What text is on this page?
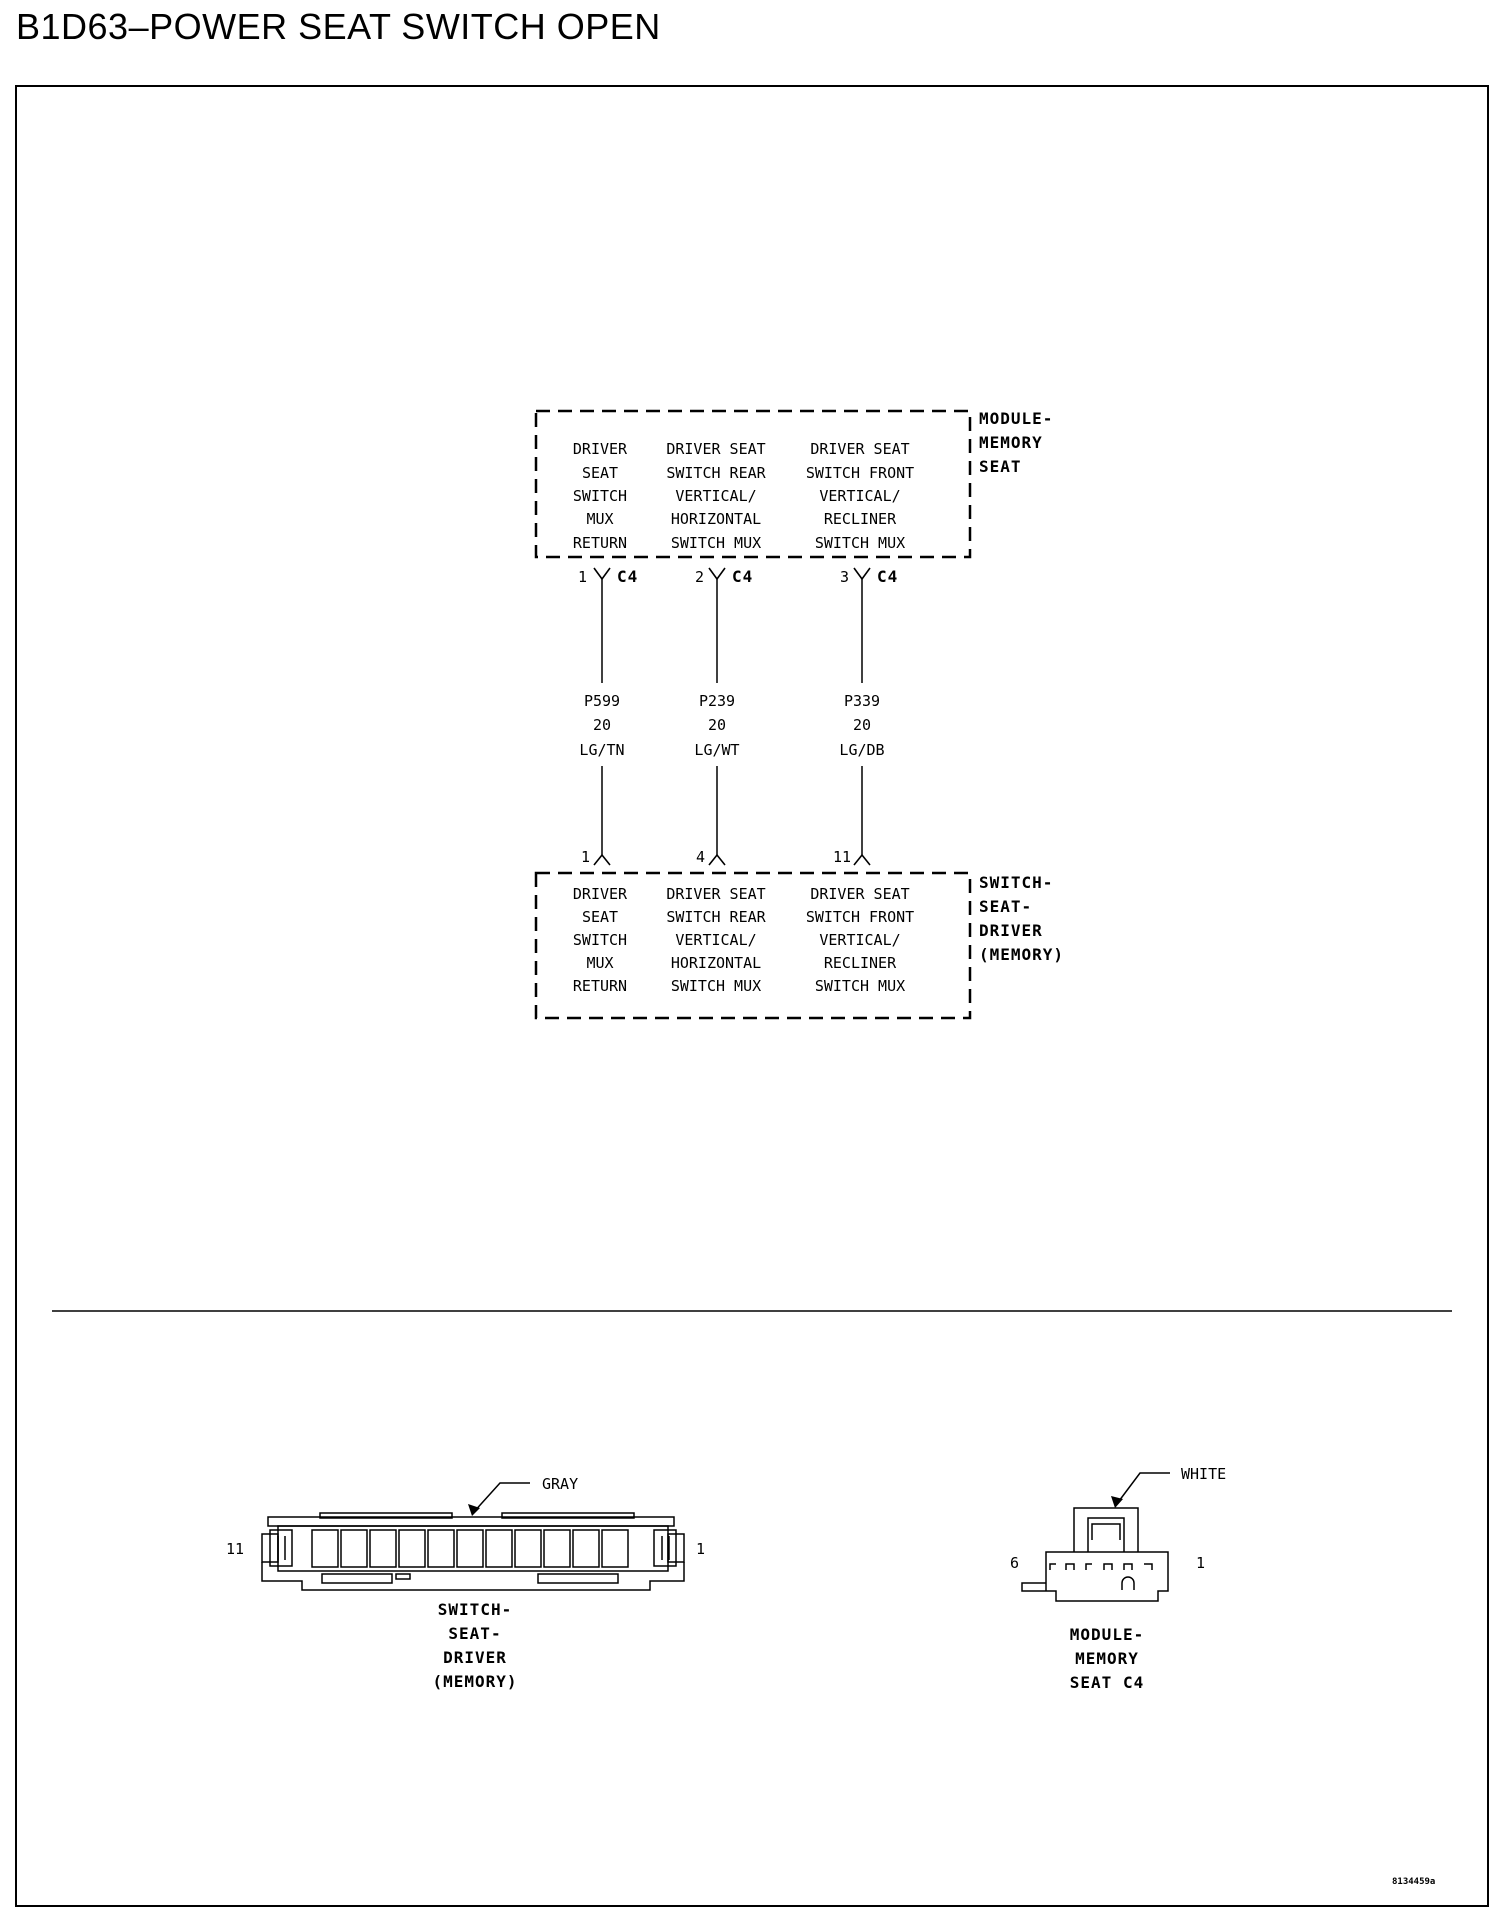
B1D63–POWER SEAT SWITCH OPEN
MODULE-
MEMORY
SEAT
DRIVER
SEAT
SWITCH
MUX
RETURN
DRIVER SEAT
SWITCH REAR
VERTICAL/
HORIZONTAL
SWITCH MUX
DRIVER SEAT
SWITCH FRONT
VERTICAL/
RECLINER
SWITCH MUX
1 C4	2 C4	3 C4
P599
20
LG/TN
P239
20
LG/WT
P339
20
LG/DB
1	4	11
SWITCH-
SEAT-
DRIVER
(MEMORY)
DRIVER
SEAT
SWITCH
MUX
RETURN
DRIVER SEAT
SWITCH REAR
VERTICAL/
HORIZONTAL
SWITCH MUX
DRIVER SEAT
SWITCH FRONT
VERTICAL/
RECLINER
SWITCH MUX
GRAY
11	1
SWITCH-
SEAT-
DRIVER
(MEMORY)
WHITE
6	1
MODULE-
MEMORY
SEAT C4
8134459a
